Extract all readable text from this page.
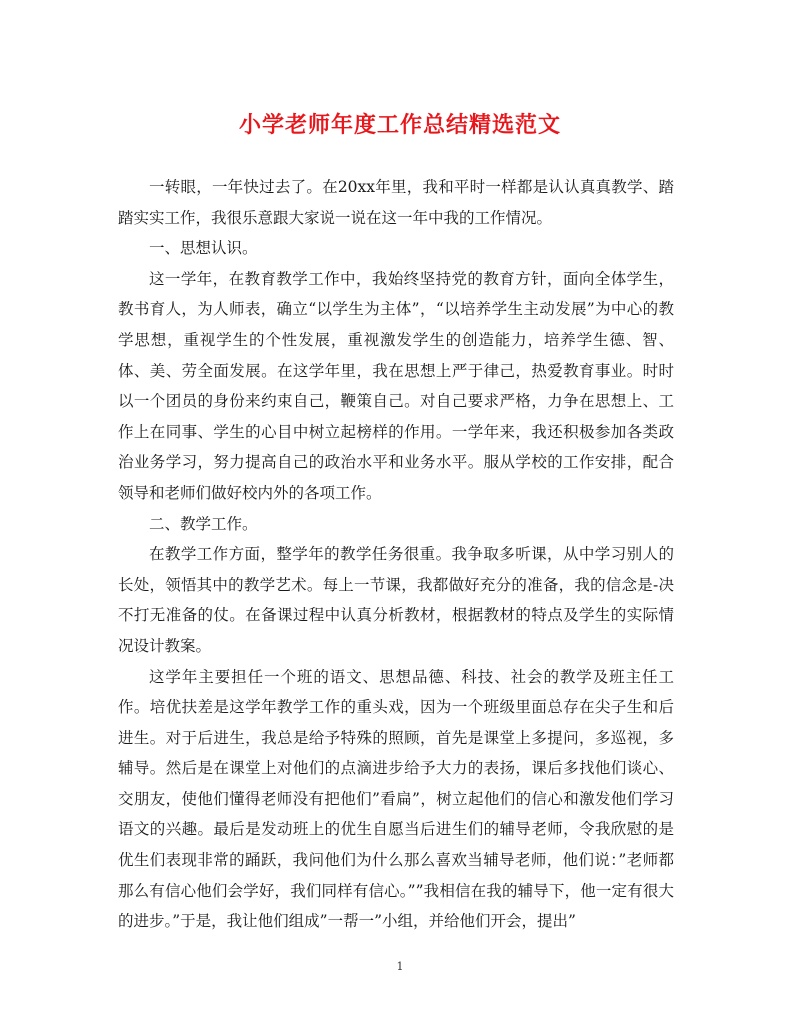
小学老师年度工作总结精选范文

一转眼，一年快过去了。在20xx年里，我和平时一样都是认认真真教学、踏踏实实工作，我很乐意跟大家说一说在这一年中我的工作情况。

一、思想认识。

这一学年，在教育教学工作中，我始终坚持党的教育方针，面向全体学生，教书育人，为人师表，确立“以学生为主体”，“以培养学生主动发展”为中心的教学思想，重视学生的个性发展，重视激发学生的创造能力，培养学生德、智、体、美、劳全面发展。在这学年里，我在思想上严于律己，热爱教育事业。时时以一个团员的身份来约束自己，鞭策自己。对自己要求严格，力争在思想上、工作上在同事、学生的心目中树立起榜样的作用。一学年来，我还积极参加各类政治业务学习，努力提高自己的政治水平和业务水平。服从学校的工作安排，配合领导和老师们做好校内外的各项工作。

二、教学工作。

在教学工作方面，整学年的教学任务很重。我争取多听课，从中学习别人的长处，领悟其中的教学艺术。每上一节课，我都做好充分的准备，我的信念是-决不打无准备的仗。在备课过程中认真分析教材，根据教材的特点及学生的实际情况设计教案。

这学年主要担任一个班的语文、思想品德、科技、社会的教学及班主任工作。培优扶差是这学年教学工作的重头戏，因为一个班级里面总存在尖子生和后进生。对于后进生，我总是给予特殊的照顾，首先是课堂上多提问，多巡视，多辅导。然后是在课堂上对他们的点滴进步给予大力的表扬，课后多找他们谈心、交朋友，使他们懂得老师没有把他们”看扁”，树立起他们的信心和激发他们学习语文的兴趣。最后是发动班上的优生自愿当后进生们的辅导老师，令我欣慰的是优生们表现非常的踊跃，我问他们为什么那么喜欢当辅导老师，他们说：”老师都那么有信心他们会学好，我们同样有信心。””我相信在我的辅导下，他一定有很大的进步。”于是，我让他们组成”一帮一”小组，并给他们开会，提出”

1
